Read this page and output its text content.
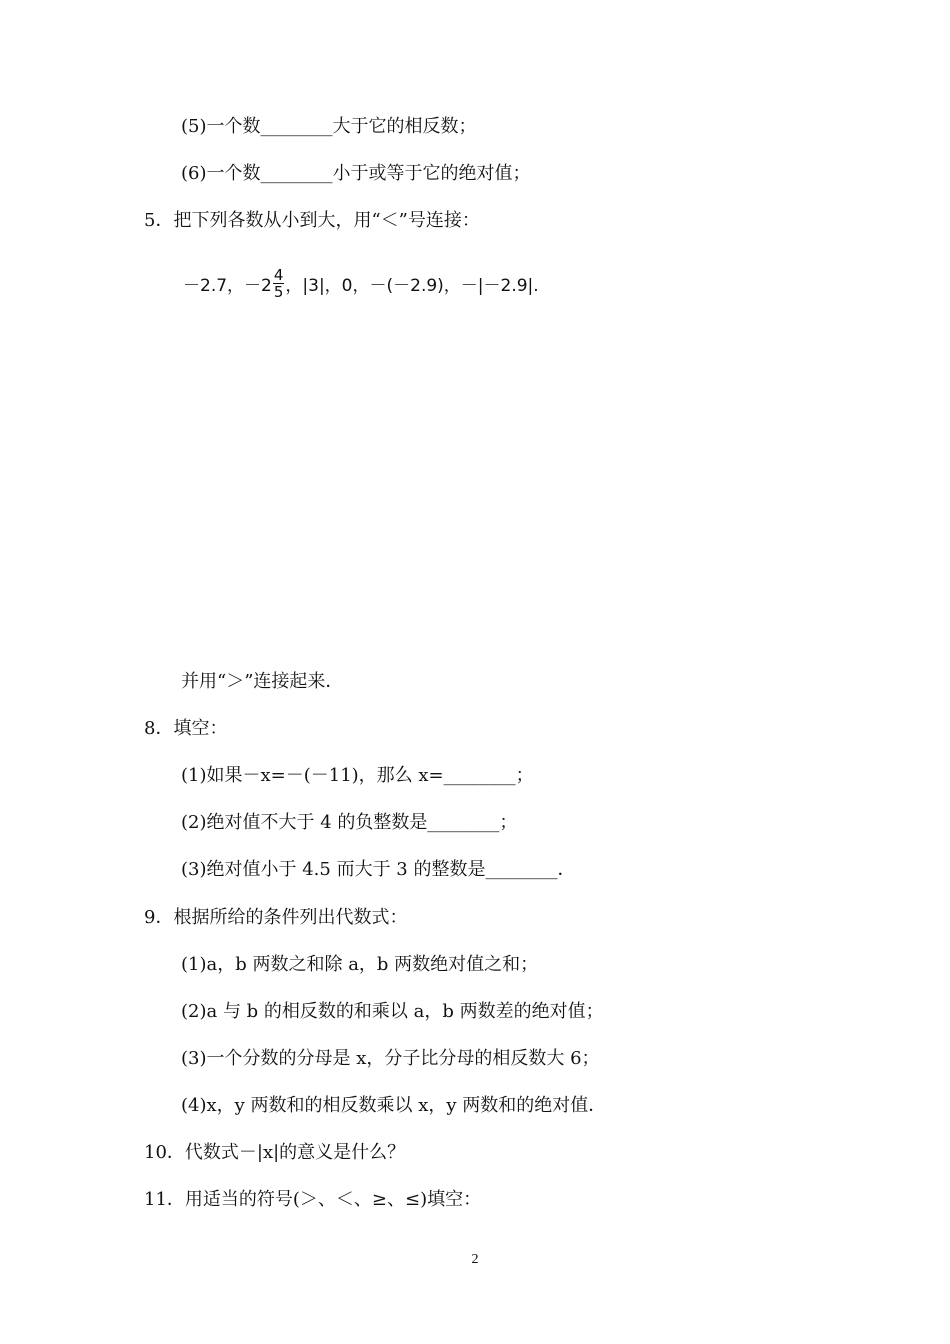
(5)一个数________大于它的相反数；
(6)一个数________小于或等于它的绝对值；
5．把下列各数从小到大，用“＜”号连接：
－2.7，$-2 \frac{4}{5}$ ，|3|，0，－(－2.9)，－|－2.9|.
并用“＞”连接起来．
8．填空：
(1)如果－x=－(－11)，那么 x=________；
(2)绝对值不大于 4 的负整数是________；
(3)绝对值小于 4.5 而大于 3 的整数是________．
9．根据所给的条件列出代数式：
(1)a，b 两数之和除 a，b 两数绝对值之和；
(2)a 与 b 的相反数的和乘以 a，b 两数差的绝对值；
(3)一个分数的分母是 x，分子比分母的相反数大 6；
(4)x，y 两数和的相反数乘以 x，y 两数和的绝对值．
10．代数式－|x|的意义是什么？
11．用适当的符号(＞、＜、≥、≤)填空：
2
